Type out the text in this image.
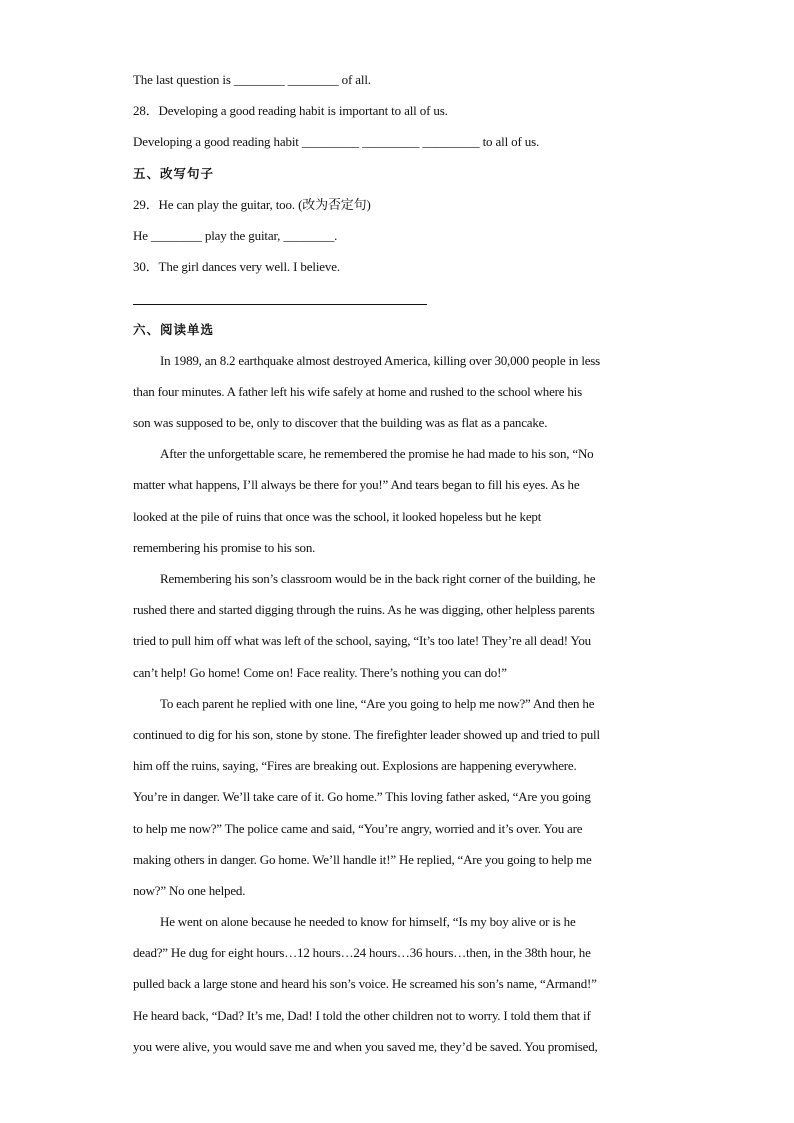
The last question is ________ ________ of all.
28．Developing a good reading habit is important to all of us.
Developing a good reading habit _________ _________ _________ to all of us.
五、改写句子
29．He can play the guitar, too. (改为否定句)
He ________ play the guitar, ________.
30．The girl dances very well. I believe.
六、阅读单选

In 1989, an 8.2 earthquake almost destroyed America, killing over 30,000 people in less
than four minutes. A father left his wife safely at home and rushed to the school where his
son was supposed to be, only to discover that the building was as flat as a pancake.

After the unforgettable scare, he remembered the promise he had made to his son, “No
matter what happens, I’ll always be there for you!” And tears began to fill his eyes. As he
looked at the pile of ruins that once was the school, it looked hopeless but he kept
remembering his promise to his son.

Remembering his son’s classroom would be in the back right corner of the building, he
rushed there and started digging through the ruins. As he was digging, other helpless parents
tried to pull him off what was left of the school, saying, “It’s too late! They’re all dead! You
can’t help! Go home! Come on! Face reality. There’s nothing you can do!”

To each parent he replied with one line, “Are you going to help me now?” And then he
continued to dig for his son, stone by stone. The firefighter leader showed up and tried to pull
him off the ruins, saying, “Fires are breaking out. Explosions are happening everywhere.
You’re in danger. We’ll take care of it. Go home.” This loving father asked, “Are you going
to help me now?” The police came and said, “You’re angry, worried and it’s over. You are
making others in danger. Go home. We’ll handle it!” He replied, “Are you going to help me
now?” No one helped.

He went on alone because he needed to know for himself, “Is my boy alive or is he
dead?” He dug for eight hours…12 hours…24 hours…36 hours…then, in the 38th hour, he
pulled back a large stone and heard his son’s voice. He screamed his son’s name, “Armand!”
He heard back, “Dad? It’s me, Dad! I told the other children not to worry. I told them that if
you were alive, you would save me and when you saved me, they’d be saved. You promised,
